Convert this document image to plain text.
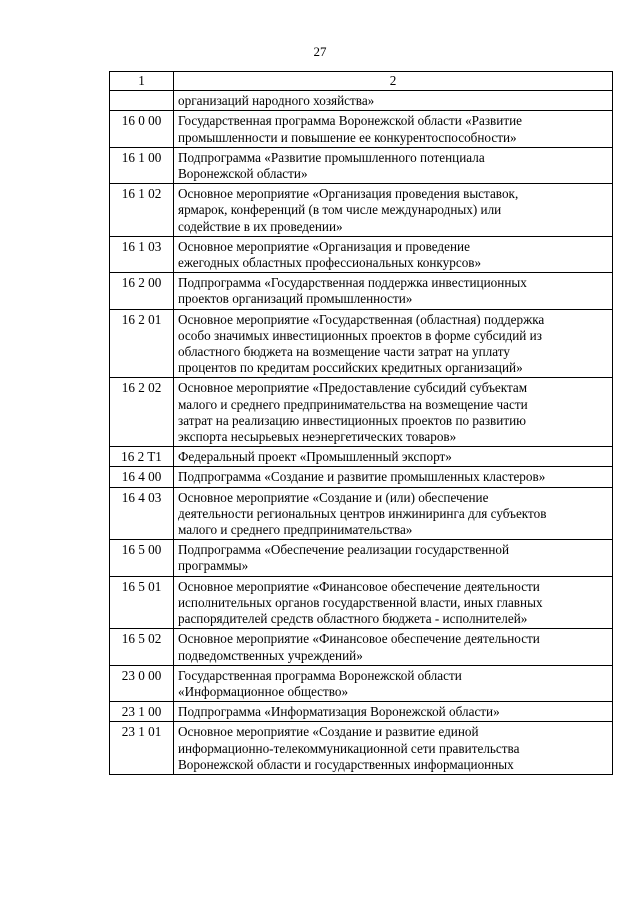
27
1	2
	организаций народного хозяйства»
16 0 00	Государственная программа Воронежской области «Развитие
промышленности и повышение ее конкурентоспособности»
16 1 00	Подпрограмма «Развитие промышленного потенциала
Воронежской области»
16 1 02	Основное мероприятие «Организация проведения выставок,
ярмарок, конференций (в том числе международных) или
содействие в их проведении»
16 1 03	Основное мероприятие «Организация и проведение
ежегодных областных профессиональных конкурсов»
16 2 00	Подпрограмма «Государственная поддержка инвестиционных
проектов организаций промышленности»
16 2 01	Основное мероприятие «Государственная (областная) поддержка
особо значимых инвестиционных проектов в форме субсидий из
областного бюджета на возмещение части затрат на уплату
процентов по кредитам российских кредитных организаций»
16 2 02	Основное мероприятие «Предоставление субсидий субъектам
малого и среднего предпринимательства на возмещение части
затрат на реализацию инвестиционных проектов по развитию
экспорта несырьевых неэнергетических товаров»
16 2 T1	Федеральный проект «Промышленный экспорт»
16 4 00	Подпрограмма «Создание и развитие промышленных кластеров»
16 4 03	Основное мероприятие «Создание и (или) обеспечение
деятельности региональных центров инжиниринга для субъектов
малого и среднего предпринимательства»
16 5 00	Подпрограмма «Обеспечение реализации государственной
программы»
16 5 01	Основное мероприятие «Финансовое обеспечение деятельности
исполнительных органов государственной власти, иных главных
распорядителей средств областного бюджета - исполнителей»
16 5 02	Основное мероприятие «Финансовое обеспечение деятельности
подведомственных учреждений»
23 0 00	Государственная программа Воронежской области
«Информационное общество»
23 1 00	Подпрограмма «Информатизация Воронежской области»
23 1 01	Основное мероприятие «Создание и развитие единой
информационно-телекоммуникационной сети правительства
Воронежской области и государственных информационных
